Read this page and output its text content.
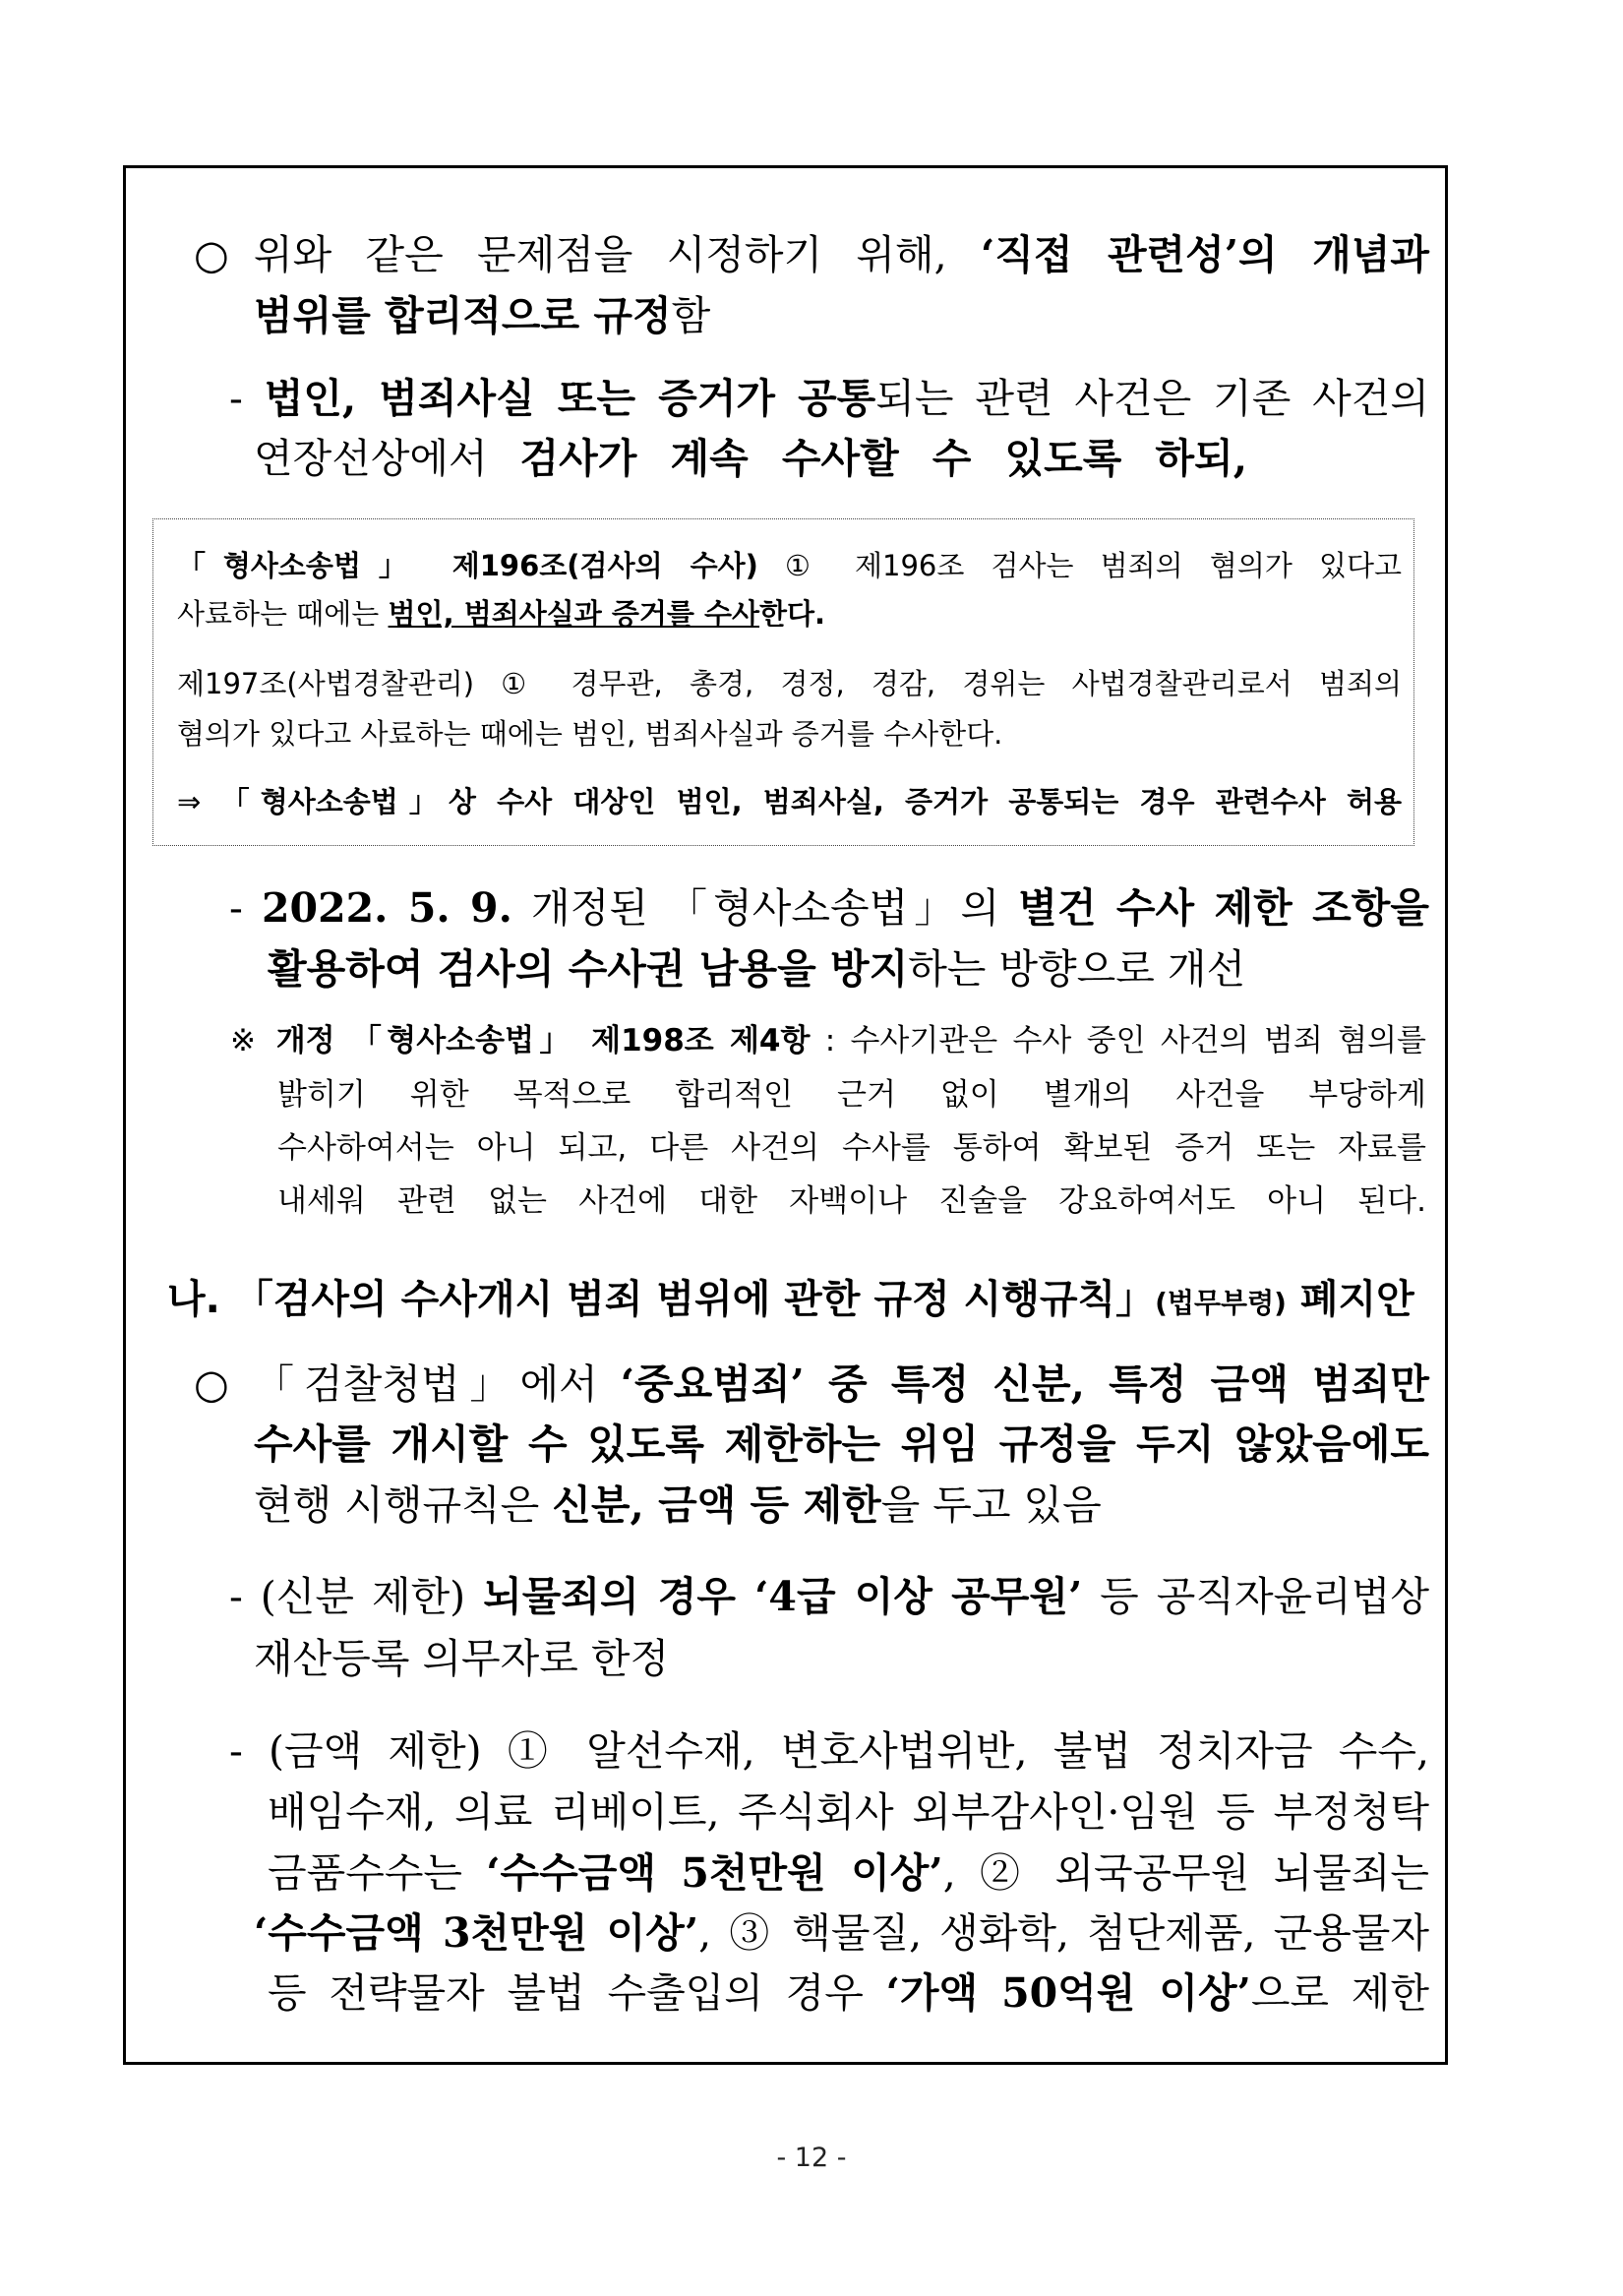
○ 위와 같은 문제점을 시정하기 위해, ‘직접 관련성’의 개념과
범위를 합리적으로 규정함
- 법인, 범죄사실 또는 증거가 공통되는 관련 사건은 기존 사건의
연장선상에서 검사가 계속 수사할 수 있도록 하되,
「형사소송법」 제196조(검사의 수사) ① 제196조 검사는 범죄의 혐의가 있다고
사료하는 때에는 범인, 범죄사실과 증거를 수사한다.
제197조(사법경찰관리) ① 경무관, 총경, 경정, 경감, 경위는 사법경찰관리로서 범죄의
혐의가 있다고 사료하는 때에는 범인, 범죄사실과 증거를 수사한다.
⇒ 「형사소송법」상 수사 대상인 범인, 범죄사실, 증거가 공통되는 경우 관련수사 허용
- 2022. 5. 9. 개정된 「형사소송법」의 별건 수사 제한 조항을
활용하여 검사의 수사권 남용을 방지하는 방향으로 개선
※ 개정 「형사소송법」 제198조 제4항 : 수사기관은 수사 중인 사건의 범죄 혐의를
밝히기 위한 목적으로 합리적인 근거 없이 별개의 사건을 부당하게
수사하여서는 아니 되고, 다른 사건의 수사를 통하여 확보된 증거 또는 자료를
내세워 관련 없는 사건에 대한 자백이나 진술을 강요하여서도 아니 된다.
나. 「검사의 수사개시 범죄 범위에 관한 규정 시행규칙」(법무부령) 폐지안
○ 「검찰청법」에서 ‘중요범죄’ 중 특정 신분, 특정 금액 범죄만
수사를 개시할 수 있도록 제한하는 위임 규정을 두지 않았음에도
현행 시행규칙은 신분, 금액 등 제한을 두고 있음
- (신분 제한) 뇌물죄의 경우 ‘4급 이상 공무원’ 등 공직자윤리법상
재산등록 의무자로 한정
- (금액 제한) ① 알선수재, 변호사법위반, 불법 정치자금 수수,
배임수재, 의료 리베이트, 주식회사 외부감사인·임원 등 부정청탁
금품수수는 ‘수수금액 5천만원 이상’, ② 외국공무원 뇌물죄는
‘수수금액 3천만원 이상’, ③ 핵물질, 생화학, 첨단제품, 군용물자
등 전략물자 불법 수출입의 경우 ‘가액 50억원 이상’으로 제한
- 12 -
